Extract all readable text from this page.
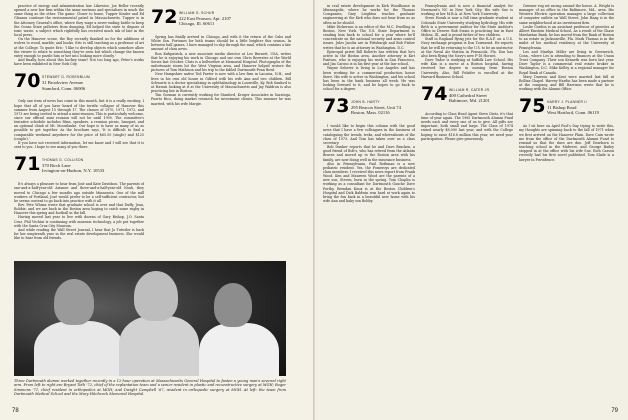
practice of energy and administration law. Likewise, Joe Bellor recently opened a new law firm within the same environs and specializes in much the same thing as the other. The game: Closer to home, Tupper Kinder and Ed Gleason continue the environmental patrol in Massachusetts. Tupper is in the Attorney General's office, where they wage a never-ending battle to keep the Ocean State polluters from dumping. Ed helped the state to dispose of toxic waste, a subject which rightfully has received much ink of late in the local press.

On the Hanover scene, the Roy recently thanked us for the additions of wolves to wood, marble, and books. Eric is still teaching as a professor of art at the College. To quote Eric: 'I like to develop objects which somehow allow the viewer to relate to something they've seen but which change the known entry enough to puzzle him or her into looking more closely.'

And finally, how about this hockey team? Not too long ago, Peter's works have been exhibited in New York City.

70 STEWART G. ROSENBLUM
31 Brookview Avenue
Stamford, Conn. 06906

Only one item of news has come in this month, but it is a really exciting. I hope that all of you have heard of the terrific collapse of Hanover this summer from August 15 through 17. The classes of 1970, 1971, 1972, and 1973 are being invited to attend a mini-reunion. This is particularly welcome, since our official mini reunion will not be until 1990. The committee's tentative schedule includes films, speakers, a reunion picnic, banquet, and an optional climb of Mt. Moosilauke. Our hope is to have as many of us as possible to get together. As the brochure says, 'It is difficult to find a comparable weekend anywhere for the price of $65.50 (single) and $125 (couple).'

If you have not received information, let me know and I will see that it is sent to you. I hope to see many of you there.

71 THOMAS G. COLLISON
370 Birch Lane
Irvington-on-Hudson, N.Y. 10533

It's always a pleasure to hear from José and Kate Davidson. The parents of one-and-a-half-year-old Arianne and three-and-a-half-year-old Noah, they moved to Chicago a few months ago outside Minnesota. One of the mill workers of Portland, José would prefer to be a self-sufficient contractor, but he seems content to go back into practice with it all.

Rev. Pete Whims wrote that graduate school is over and that Duffy, Jean, Robbie, and we are back in the Boston area hoping to catch some rugby in Hanover this spring and football in the fall.

Having moved last year to live with dozens of Gary Bishop, J.O. Santa Cruz, Phil Vechini is continuing with museum technology, a job put together with the Santa Cruz City Museum.

And while reading the Wall Street Journal, I hear that Jo Tutwiler is back for her umpteenth year in the real estate development business. She would like to hear from old friends.

72 WILLIAM G. SCHUR
222 East Pearson, Apt. 2107
Chicago, Ill. 60611

Spring has finally arrived in Chicago, and with it the return of the Cubs and White Sox. Fortunes for both teams should be a little brighter this season. In between ball games, I have managed to slip through the mail, which contains a fair amount of class news.

Ron Kirkpatrick, a new associate media director at Leo Burnett, USA, writes that he is enjoying his work in Chicago and our own Chris Brewster at the World Series last October. Chris is a bellwether at Memorial Hospital. Photographs of the unfortunate storm hit the West Virginia area, and Hanover helped restore the pictures of Tom Mathison and his trip to the fabled Dartmouth-Penn Bowl.

New Hampshire native Ted Paeter is now with a law firm in Laconia, N.H., and lives in his own old house in Gilford with his wife Ann and two children. Bill Schwartz is a doctor specializing in ophthalmology in Louisville, Ky. Bob Sanford is at Hawaii looking at it at the University of Massachusetts and Jay Waldron is also practicing law in Boston.

Tim Gorman is currently working for Stanford, Kruger Associates in Saratoga, Puerto Rico, doing market research for investment clients. This summer he was married, with his wife Margie.

Three Dartmouth alumni worked together recently in a 12-hour operation at Massachusetts General Hospital to fasten a young man's severed right arm. From left to right are Bryant Toth '72, chief of the replantation team and a senior resident in plastic and reconstructive surgery at MGH; Roger Simmons '71, chief resident in orthopedics at MGH; and Dwight Campbell '67, resident in orthopedic surgery at MGH. At left: the team from Dartmouth Medical School and the Mary Hitchcock Memorial Hospital.
78

in real estate development in Kirk Woodhouse in Minneapolis, where he works for the Thomas Companies, Gary Leighton teaches graduate engineering at the Kirk who does not hear from us as often as he should.

Mike Dickerson is an editor of the M.C. Dwelling in Boston, New York. The U.S. State Department is sending him back to school for a year where he'll concentrate on the national security and arms control issues. Jules Jacobs are in Pittsburgh and Bob Fisher writes that he is an attorney in Washington, D.C.

Episcopal priest Bill Roberts has written that he's active in the Boston area. Another attorney is Kirt Pantuso, who is enjoying his work in San Francisco, and Jim Caruso is in his first year at the law school.

Wayne Seherer is living in Los Angeles and has been working for a commercial production house there. His wife is active in Washington, and his school has been in the bank business all week. He was looking forward to it, and he hopes to go back to school for a degree.

73 JOHN B. HARTY
295 Beacon Street, Unit 74
Boston, Mass. 02116

I would like to begin this column with the good news that I have a few colleagues in the business of cataloguing the trends, treks, and whereabouts of the class of 1973. And Tom has taken over as a class secretary.

Bob Dunker reports that he and Dave Bracken, a good friend of Bob's, who has retired from the Atlanta Braves and moved up to the Boston area with his family, are now doing well in the insurance business.

Also in Pennsylvania, Paul Rothman is a new pediatric resident. Yes, the Pomeroys are dedicated class members. I received this news report from Frank Wood. Ken and Maureen Wood are the parents of a new son, Steven, born in the spring. Tom Chaplin is working as a consultant for Dartmouth Gauche Dave Porthy. Brendan Knox is at the Boston Children's Hospital and Dick Baldwin was hard at work again to bring the fun back in a beautiful new home with his wife Ann and baby son Bobby.

Pennsylvania and is now a financial analyst for Newmont's NC in New York City. His wife Sue is working at her M.B.A. at New York University.

Steve Horak is now a full time graduate student at Colorado State University studying hydrology. His wife Beth is a government auditor for the State Auditor's Office in Denver. Bob Swain is practicing law in East Moline, Ill., and is proud father of two children.

Staff in England flying jets for the R.A.F. on a U.S. Navy exchange program is Don Townsend. He reports that he will be returning to the U.S. to be an instructor at the Naval Air Station in Pensacola, Fla. Don has also been flying the Navy's new F-18 Hornet.

Dave Tudor is studying at Suffolk Law School. His wife Kim is a nurse at a Boston hospital, having received her degree in nursing from Boston University. Also, Bill Pulsifer is enrolled at the Harvard Business School.

74 WILLIAM R. CATER JR.
400 Cathedral Street
Baltimore, Md. 21201

According to Class Head Agent Steve Dietz, it's that time of year again. The 1985 Dartmouth Alumni Fund needs each and every one of us to give. All gifts are important, both small and large. The Class of 1974 raised nearly $8,000 last year, and with the College hoping to raise $16.8 million this year, we need your participation. Please give generously.

Greener rug set racing around the house. A. Wright is manager of an office in the Baltimore, Md., area. His Western Electric operation manages a large collection of computer outlets on Wall Street. John Haag is in the same neighborhood at an investment firm.

Leslie Gordon is an assistant professor of genetics at Albert Einstein Medical School. As a result of the Chase Manhattan Bank, he has moved from the Bank of Boston to an estate in Jacksonville, Fla. Mark Thomas is in the midst of his medical residency at the University of Pennsylvania.

Les and Marilyn Miller are living in Greenwich, Conn., where Les is attending to finances at the Union Trust Company. Their son Kenneth was born last year. Dave Taylor is a commercial real estate broker in Washington, D.C. Mike Kelley is a regional manager for Royal Bank of Canada.

Mary Dawson and Kent were married last fall at Rollins Chapel. Harvey Hardin has been made a partner at the company, and Bill Harrison wrote that he is working with the Alumni Office.

75 HARRY J. PLANNER II
11 Bishop Road
West Hartford, Conn. 06119

As I sit here on April Fool's Day trying to write this, my thoughts are spinning back to the fall of 1971 when we first arrived on the Hanover Plain. Dave Cain wrote me from the office of the Dartmouth Alumni Fund to remind us that the dues are due. Jeff Dearborn is teaching school in the Midwest, and George Bailey stopped in at the office with his wife Sue. Rich Carson recently had his first novel published. Tom Slade is a lawyer in Providence.

79
